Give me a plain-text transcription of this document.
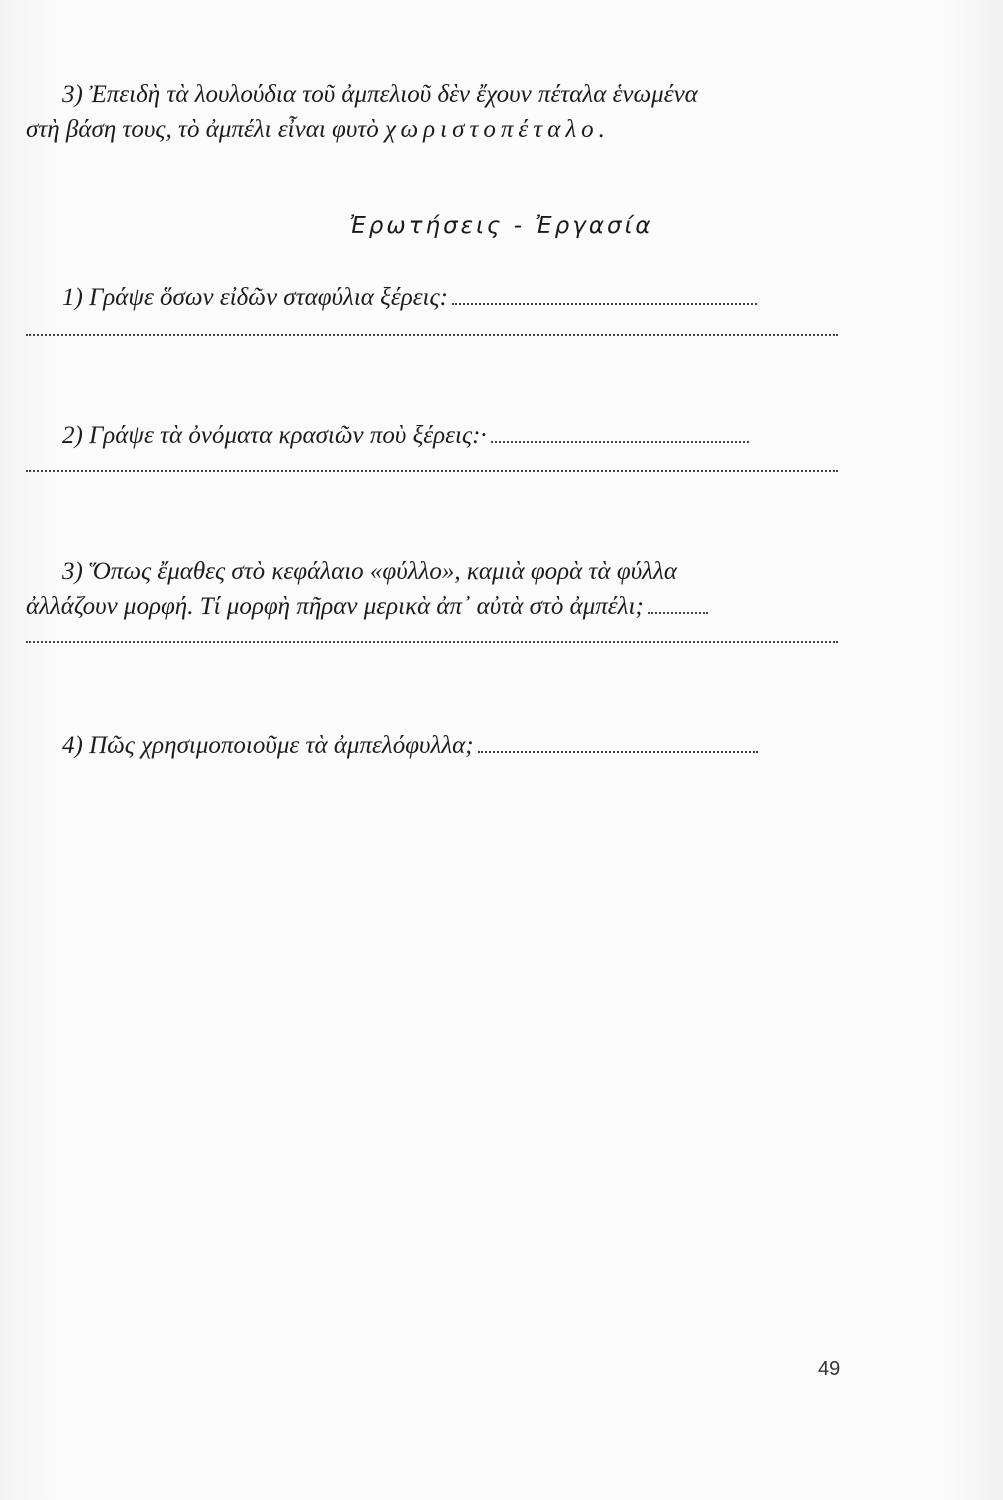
3) Ἐπειδὴ τὰ λουλούδια τοῦ ἀμπελιοῦ δὲν ἔχουν πέταλα ἑνωμένα
στὴ βάση τους, τὸ ἀμπέλι εἶναι φυτὸ χωριστοπέταλο.
Ἐρωτήσεις - Ἐργασία
1) Γράψε ὅσων εἰδῶν σταφύλια ξέρεις:
2) Γράψε τὰ ὀνόματα κρασιῶν ποὺ ξέρεις:·
3) Ὅπως ἔμαθες στὸ κεφάλαιο «φύλλο», καμιὰ φορὰ τὰ φύλλα
ἀλλάζουν μορφή. Τί μορφὴ πῆραν μερικὰ ἀπ᾽ αὐτὰ στὸ ἀμπέλι;
4) Πῶς χρησιμοποιοῦμε τὰ ἀμπελόφυλλα;
49
